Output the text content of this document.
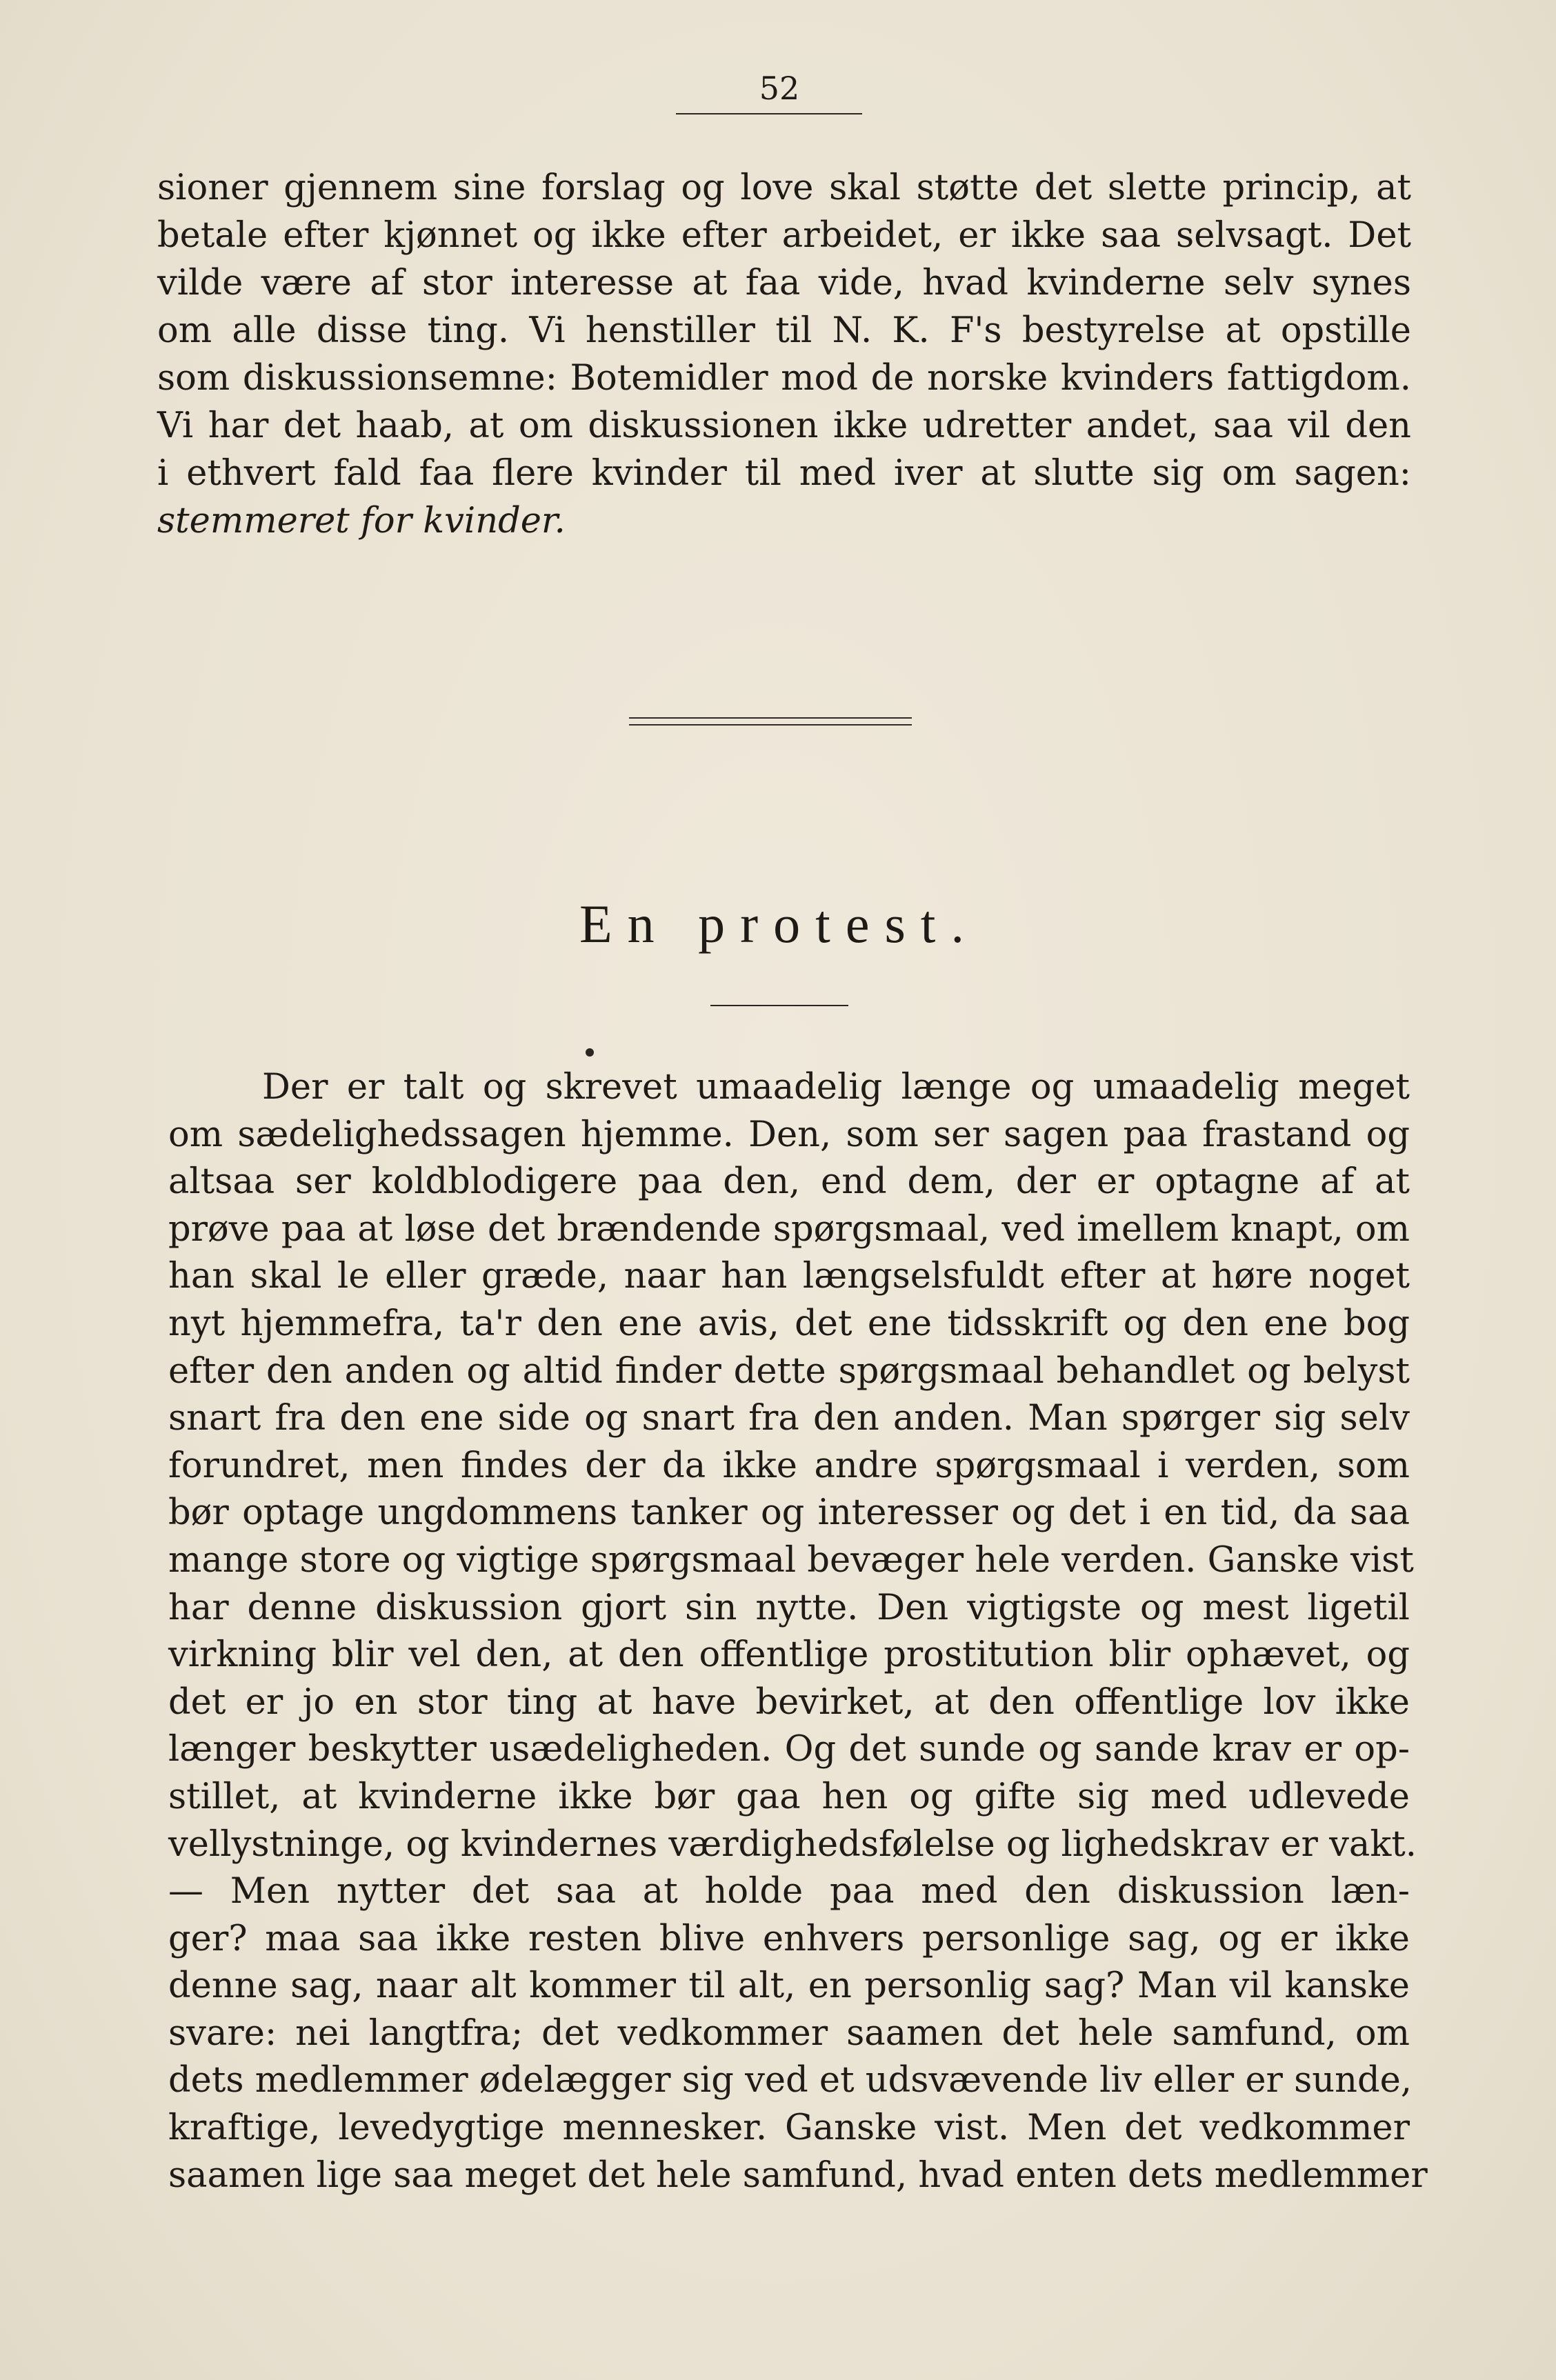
52
sioner gjennem sine forslag og love skal støtte det slette princip, at
betale efter kjønnet og ikke efter arbeidet, er ikke saa selvsagt. Det
vilde være af stor interesse at faa vide, hvad kvinderne selv synes
om alle disse ting. Vi henstiller til N. K. F's bestyrelse at opstille
som diskussionsemne: Botemidler mod de norske kvinders fattigdom.
Vi har det haab, at om diskussionen ikke udretter andet, saa vil den
i ethvert fald faa flere kvinder til med iver at slutte sig om sagen:
stemmeret for kvinder.
En protest.
Der er talt og skrevet umaadelig længe og umaadelig meget
om sædelighedssagen hjemme. Den, som ser sagen paa frastand og
altsaa ser koldblodigere paa den, end dem, der er optagne af at
prøve paa at løse det brændende spørgsmaal, ved imellem knapt, om
han skal le eller græde, naar han længselsfuldt efter at høre noget
nyt hjemmefra, ta'r den ene avis, det ene tidsskrift og den ene bog
efter den anden og altid finder dette spørgsmaal behandlet og belyst
snart fra den ene side og snart fra den anden. Man spørger sig selv
forundret, men findes der da ikke andre spørgsmaal i verden, som
bør optage ungdommens tanker og interesser og det i en tid, da saa
mange store og vigtige spørgsmaal bevæger hele verden. Ganske vist
har denne diskussion gjort sin nytte. Den vigtigste og mest ligetil
virkning blir vel den, at den offentlige prostitution blir ophævet, og
det er jo en stor ting at have bevirket, at den offentlige lov ikke
længer beskytter usædeligheden. Og det sunde og sande krav er op-
stillet, at kvinderne ikke bør gaa hen og gifte sig med udlevede
vellystninge, og kvindernes værdighedsfølelse og lighedskrav er vakt.
— Men nytter det saa at holde paa med den diskussion læn-
ger? maa saa ikke resten blive enhvers personlige sag, og er ikke
denne sag, naar alt kommer til alt, en personlig sag? Man vil kanske
svare: nei langtfra; det vedkommer saamen det hele samfund, om
dets medlemmer ødelægger sig ved et udsvævende liv eller er sunde,
kraftige, levedygtige mennesker. Ganske vist. Men det vedkommer
saamen lige saa meget det hele samfund, hvad enten dets medlemmer
